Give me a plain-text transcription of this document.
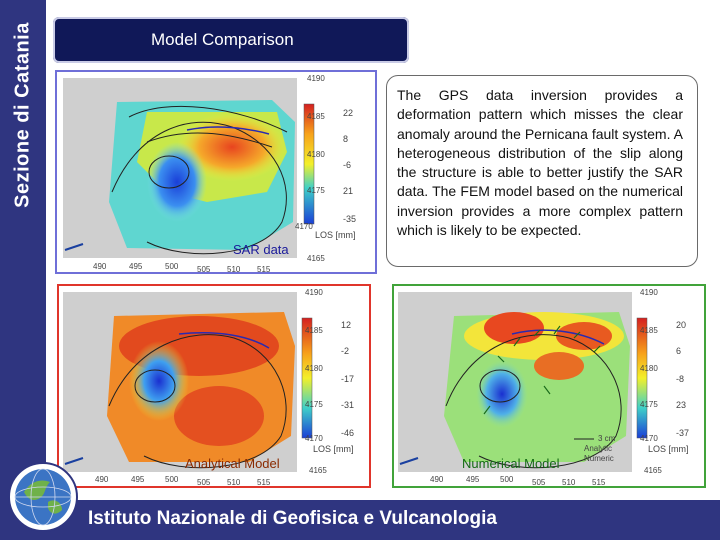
Sezione di Catania	Model Comparison
22
8
-6
21
-35
LOS [mm]
4190
4185
4180
4175
4170
4165
490	495	500 505 510 515
SAR data
The GPS data inversion provides a deformation pattern which misses the clear anomaly around the Pernicana fault system. A heterogeneous distribution of the slip along the structure is able to better justify the SAR data. The FEM model based on the numerical inversion provides a more complex pattern which is likely to be expected.
12
-2
-17
-31
-46
LOS [mm]
4190
4185
4180
4175
4170
4165
490	495	500 505 510 515
Analytical Model
20
6
-8
23
-37
LOS [mm]
4190
4185
4180
4175
4170
4165
490	495	500 505 510 515
3 cm
Analytic
Numeric
Numerical Model
Istituto Nazionale di Geofisica e Vulcanologia
